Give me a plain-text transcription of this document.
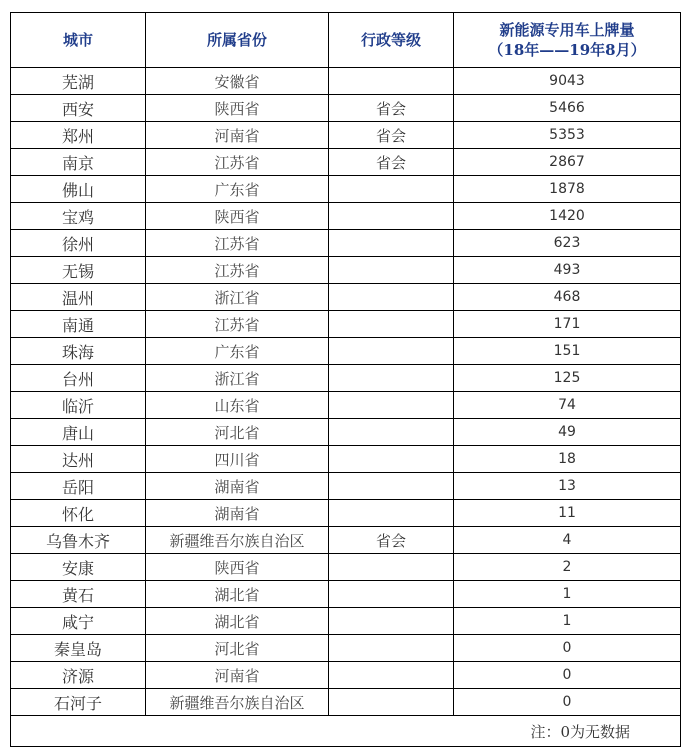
城市	所属省份	行政等级	新能源专用车上牌量
（18年——19年8月）

芜湖	安徽省		9043
西安	陕西省	省会	5466
郑州	河南省	省会	5353
南京	江苏省	省会	2867
佛山	广东省		1878
宝鸡	陕西省		1420
徐州	江苏省		623
无锡	江苏省		493
温州	浙江省		468
南通	江苏省		171
珠海	广东省		151
台州	浙江省		125
临沂	山东省		74
唐山	河北省		49
达州	四川省		18
岳阳	湖南省		13
怀化	湖南省		11
乌鲁木齐	新疆维吾尔族自治区	省会	4
安康	陕西省		2
黄石	湖北省		1
咸宁	湖北省		1
秦皇岛	河北省		0
济源	河南省		0
石河子	新疆维吾尔族自治区		0
注：0为无数据			
